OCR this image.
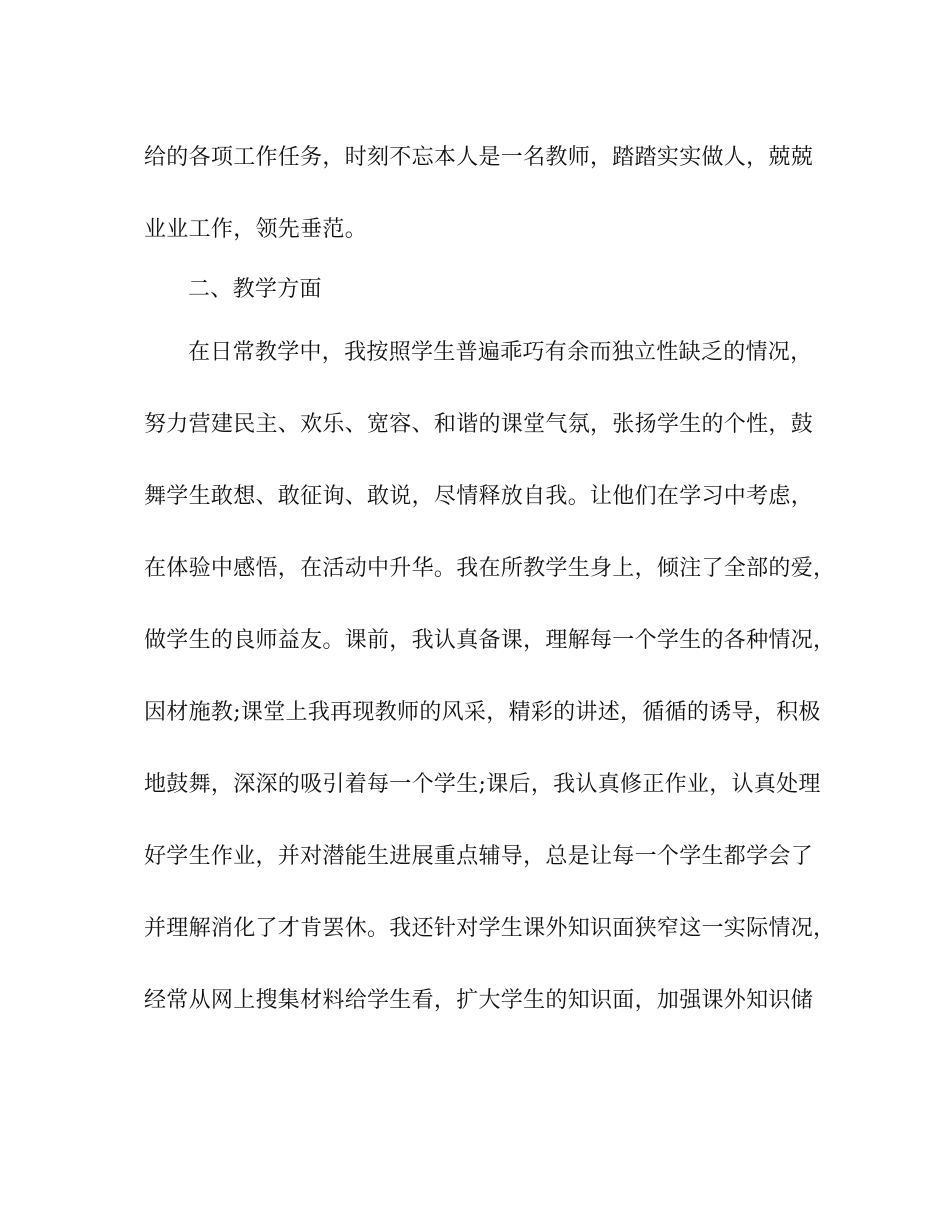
给的各项工作任务，时刻不忘本人是一名教师，踏踏实实做人，兢兢
业业工作，领先垂范。
二、教学方面
在日常教学中，我按照学生普遍乖巧有余而独立性缺乏的情况，
努力营建民主、欢乐、宽容、和谐的课堂气氛，张扬学生的个性，鼓
舞学生敢想、敢征询、敢说，尽情释放自我。让他们在学习中考虑，
在体验中感悟，在活动中升华。我在所教学生身上，倾注了全部的爱，
做学生的良师益友。课前，我认真备课，理解每一个学生的各种情况，
因材施教;课堂上我再现教师的风采，精彩的讲述，循循的诱导，积极
地鼓舞，深深的吸引着每一个学生;课后，我认真修正作业，认真处理
好学生作业，并对潜能生进展重点辅导，总是让每一个学生都学会了
并理解消化了才肯罢休。我还针对学生课外知识面狭窄这一实际情况，
经常从网上搜集材料给学生看，扩大学生的知识面，加强课外知识储
